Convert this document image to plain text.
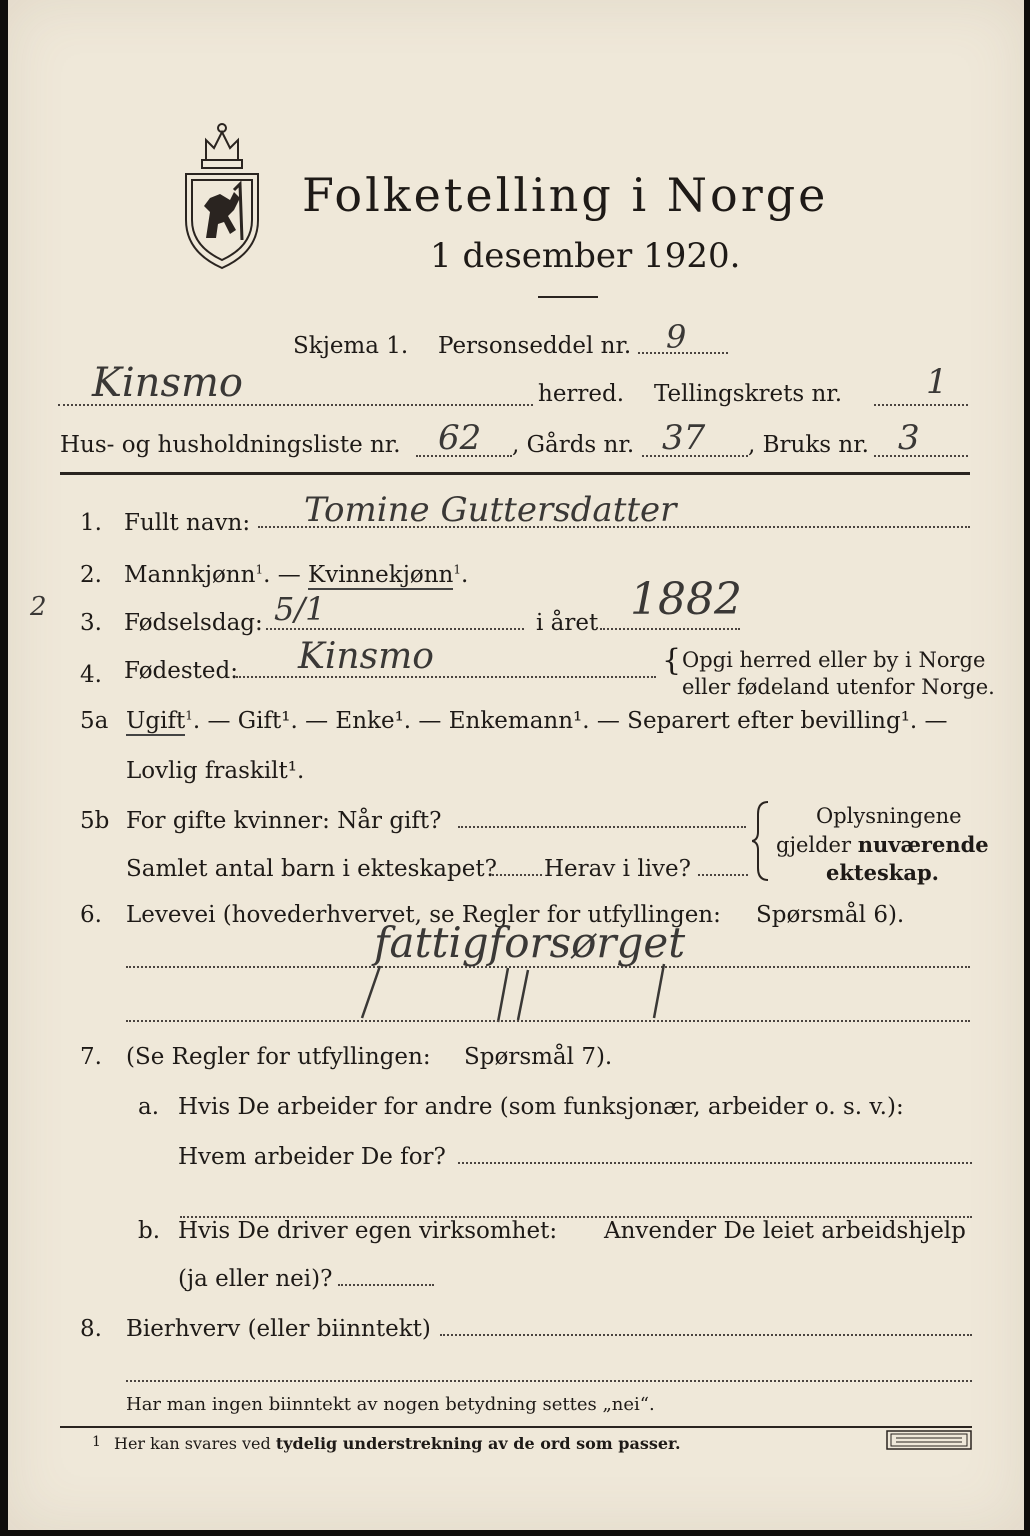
Folketelling i Norge
1 desember 1920.
Skjema 1. Personseddel nr. 9
Kinsmo	herred. Tellingskrets nr. 1
Hus- og husholdningsliste nr. 62 , Gårds nr. 37 , Bruks nr. 3
1. Fullt navn: Tomine Guttersdatter
2. Mannkjønn$^1$. — Kvinnekjønn$^1$.
2
3. Fødselsdag: 5/1	i året 1882
4. Fødested: Kinsmo	{ Opgi herred eller by i Norge
eller fødeland utenfor Norge.
5a Ugift$^1$. — Gift¹. — Enke¹. — Enkemann¹. — Separert efter bevilling¹. —
Lovlig fraskilt¹.
5b For gifte kvinner: Når gift?
Samlet antal barn i ekteskapet? Herav i live?
Oplysningene
gjelder nuværende
ekteskap.
6. Levevei (hovederhvervet, se Regler for utfyllingen: Spørsmål 6).
fattigforsørget
7. (Se Regler for utfyllingen: Spørsmål 7).
a. Hvis De arbeider for andre (som funksjonær, arbeider o. s. v.):
Hvem arbeider De for?
b. Hvis De driver egen virksomhet: Anvender De leiet arbeidshjelp
(ja eller nei)?
8. Bierhverv (eller biinntekt)
Har man ingen biinntekt av nogen betydning settes „nei“.
1 Her kan svares ved tydelig understrekning av de ord som passer.
